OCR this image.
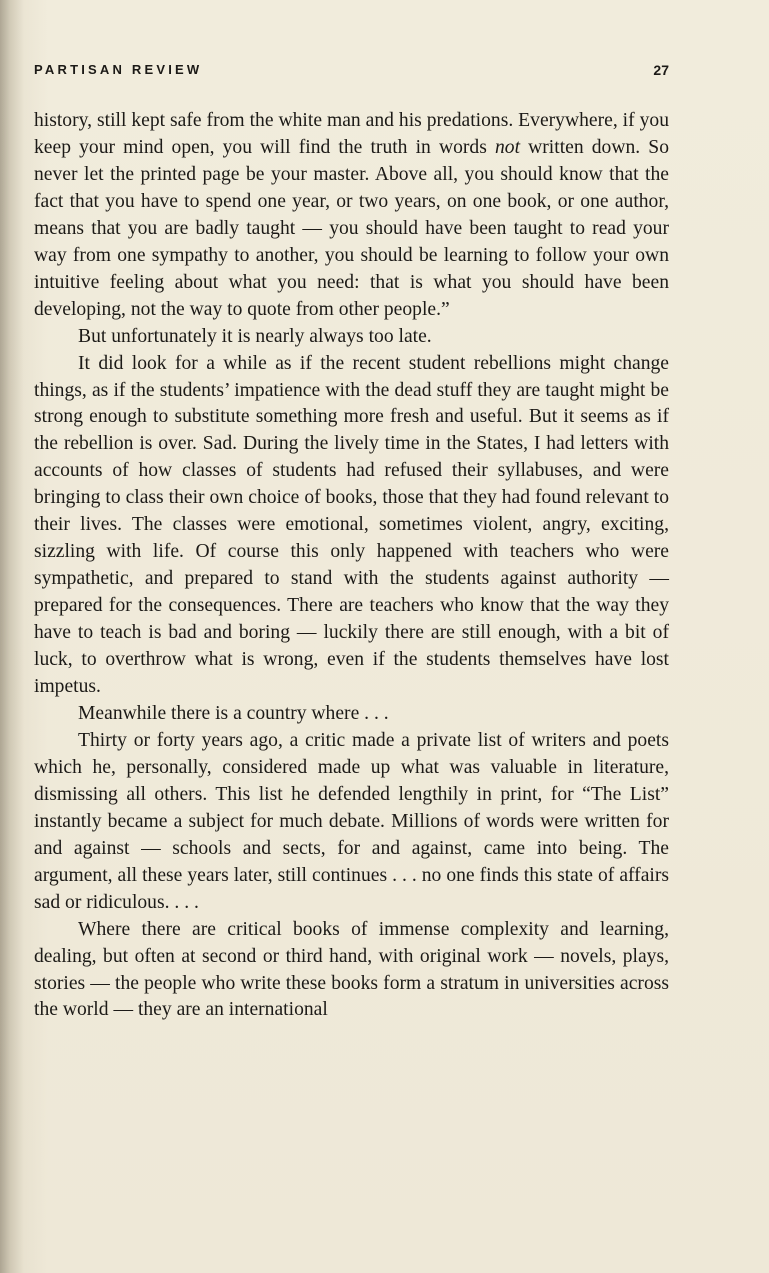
PARTISAN REVIEW	27

history, still kept safe from the white man and his predations. Everywhere, if you keep your mind open, you will find the truth in words not written down. So never let the printed page be your master. Above all, you should know that the fact that you have to spend one year, or two years, on one book, or one author, means that you are badly taught — you should have been taught to read your way from one sympathy to another, you should be learning to follow your own intuitive feeling about what you need: that is what you should have been developing, not the way to quote from other people.”

But unfortunately it is nearly always too late.

It did look for a while as if the recent student rebellions might change things, as if the students’ impatience with the dead stuff they are taught might be strong enough to substitute something more fresh and useful. But it seems as if the rebellion is over. Sad. During the lively time in the States, I had letters with accounts of how classes of students had refused their syllabuses, and were bringing to class their own choice of books, those that they had found relevant to their lives. The classes were emotional, sometimes violent, angry, exciting, sizzling with life. Of course this only happened with teachers who were sympathetic, and prepared to stand with the students against authority — prepared for the consequences. There are teachers who know that the way they have to teach is bad and boring — luckily there are still enough, with a bit of luck, to overthrow what is wrong, even if the students themselves have lost impetus.

Meanwhile there is a country where . . .

Thirty or forty years ago, a critic made a private list of writers and poets which he, personally, considered made up what was valuable in literature, dismissing all others. This list he defended lengthily in print, for “The List” instantly became a subject for much debate. Millions of words were written for and against — schools and sects, for and against, came into being. The argument, all these years later, still continues . . . no one finds this state of affairs sad or ridiculous. . . .

Where there are critical books of immense complexity and learning, dealing, but often at second or third hand, with original work — novels, plays, stories — the people who write these books form a stratum in universities across the world — they are an international
